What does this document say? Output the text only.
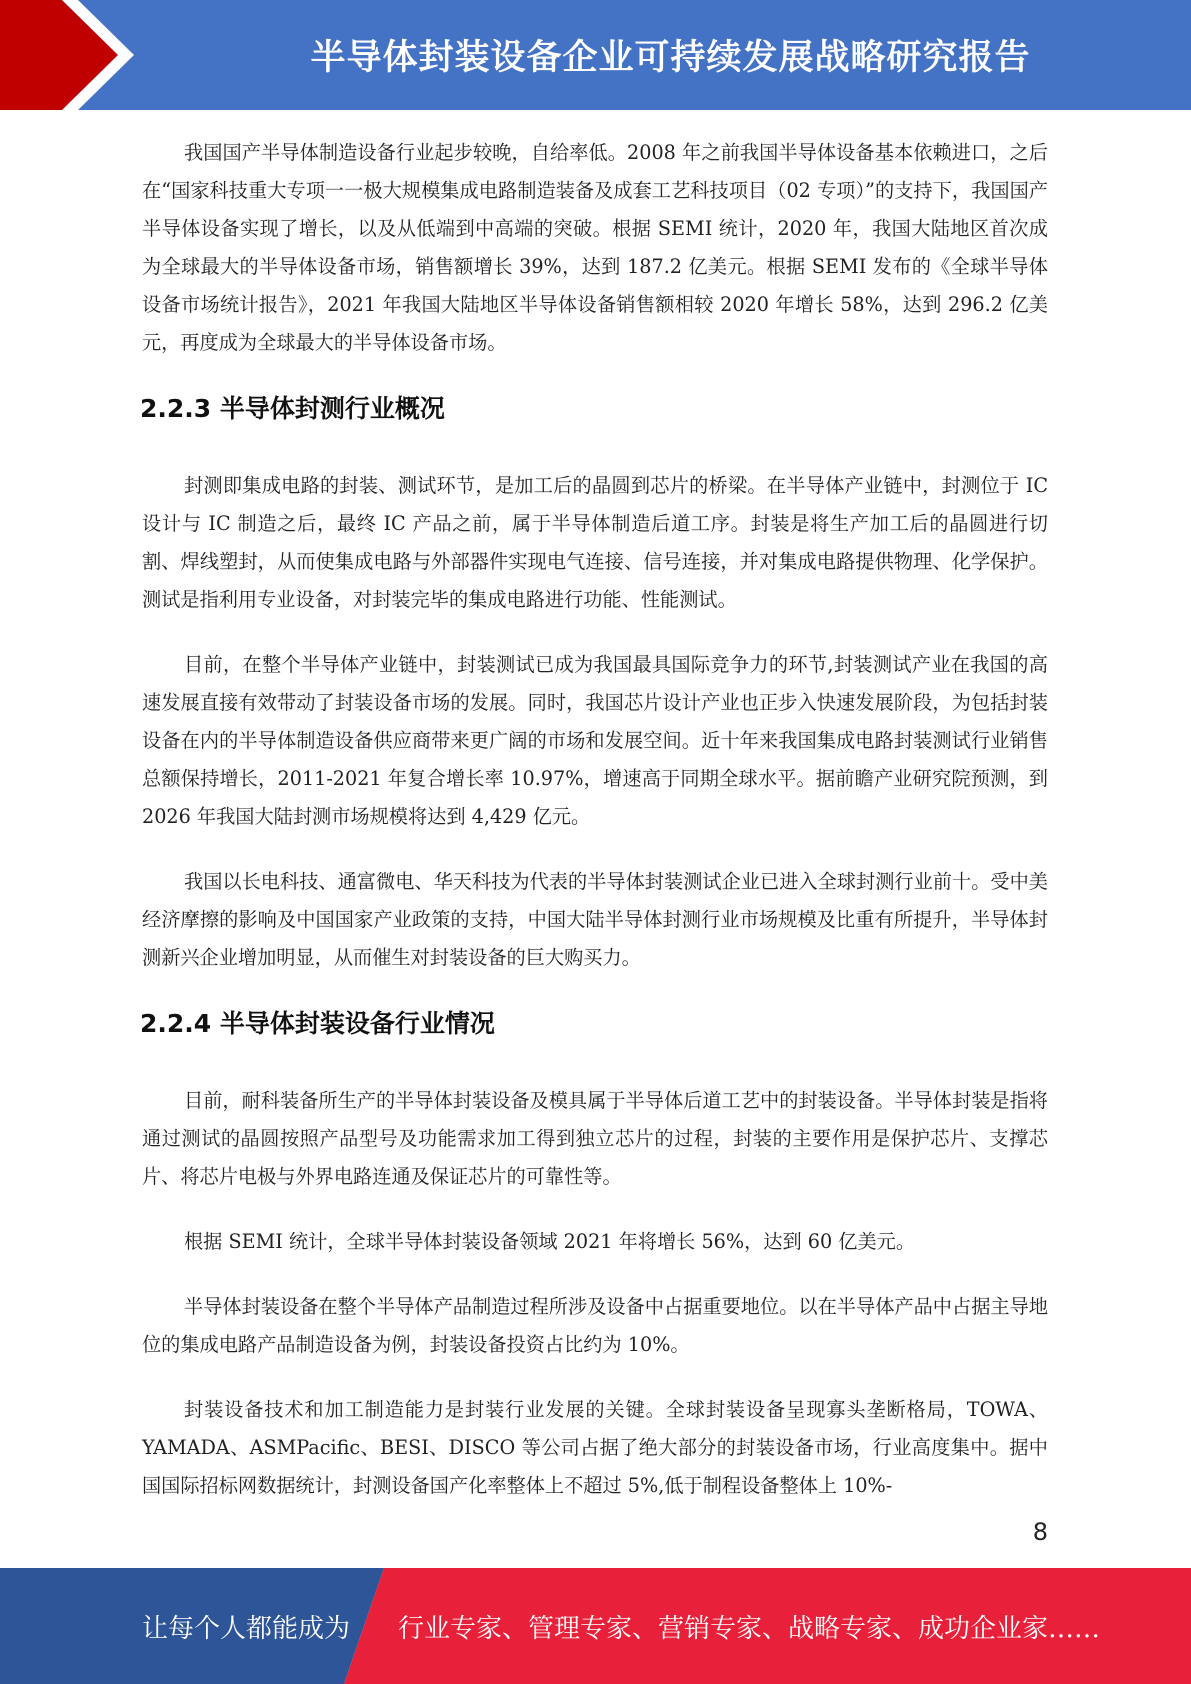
半导体封装设备企业可持续发展战略研究报告

我国国产半导体制造设备行业起步较晚，自给率低。2008 年之前我国半导体设备基本依赖进口，之后在“国家科技重大专项一一极大规模集成电路制造装备及成套工艺科技项目（02 专项）”的支持下，我国国产半导体设备实现了增长，以及从低端到中高端的突破。根据 SEMI 统计，2020 年，我国大陆地区首次成为全球最大的半导体设备市场，销售额增长 39%，达到 187.2 亿美元。根据 SEMI 发布的《全球半导体设备市场统计报告》，2021 年我国大陆地区半导体设备销售额相较 2020 年增长 58%，达到 296.2 亿美元，再度成为全球最大的半导体设备市场。

2.2.3 半导体封测行业概况

封测即集成电路的封装、测试环节，是加工后的晶圆到芯片的桥梁。在半导体产业链中，封测位于 IC 设计与 IC 制造之后，最终 IC 产品之前，属于半导体制造后道工序。封装是将生产加工后的晶圆进行切割、焊线塑封，从而使集成电路与外部器件实现电气连接、信号连接，并对集成电路提供物理、化学保护。测试是指利用专业设备，对封装完毕的集成电路进行功能、性能测试。

目前，在整个半导体产业链中，封装测试已成为我国最具国际竞争力的环节,封装测试产业在我国的高速发展直接有效带动了封装设备市场的发展。同时，我国芯片设计产业也正步入快速发展阶段，为包括封装设备在内的半导体制造设备供应商带来更广阔的市场和发展空间。近十年来我国集成电路封装测试行业销售总额保持增长，2011-2021 年复合增长率 10.97%，增速高于同期全球水平。据前瞻产业研究院预测，到 2026 年我国大陆封测市场规模将达到 4,429 亿元。

我国以长电科技、通富微电、华天科技为代表的半导体封装测试企业已进入全球封测行业前十。受中美经济摩擦的影响及中国国家产业政策的支持，中国大陆半导体封测行业市场规模及比重有所提升，半导体封测新兴企业增加明显，从而催生对封装设备的巨大购买力。

2.2.4 半导体封装设备行业情况

目前，耐科装备所生产的半导体封装设备及模具属于半导体后道工艺中的封装设备。半导体封装是指将通过测试的晶圆按照产品型号及功能需求加工得到独立芯片的过程，封装的主要作用是保护芯片、支撑芯片、将芯片电极与外界电路连通及保证芯片的可靠性等。

根据 SEMI 统计，全球半导体封装设备领域 2021 年将增长 56%，达到 60 亿美元。

半导体封装设备在整个半导体产品制造过程所涉及设备中占据重要地位。以在半导体产品中占据主导地位的集成电路产品制造设备为例，封装设备投资占比约为 10%。

封装设备技术和加工制造能力是封装行业发展的关键。全球封装设备呈现寡头垄断格局，TOWA、YAMADA、ASMPacific、BESI、DISCO 等公司占据了绝大部分的封装设备市场，行业高度集中。据中国国际招标网数据统计，封测设备国产化率整体上不超过 5%,低于制程设备整体上 10%-

8
让每个人都能成为 行业专家、管理专家、营销专家、战略专家、成功企业家……
